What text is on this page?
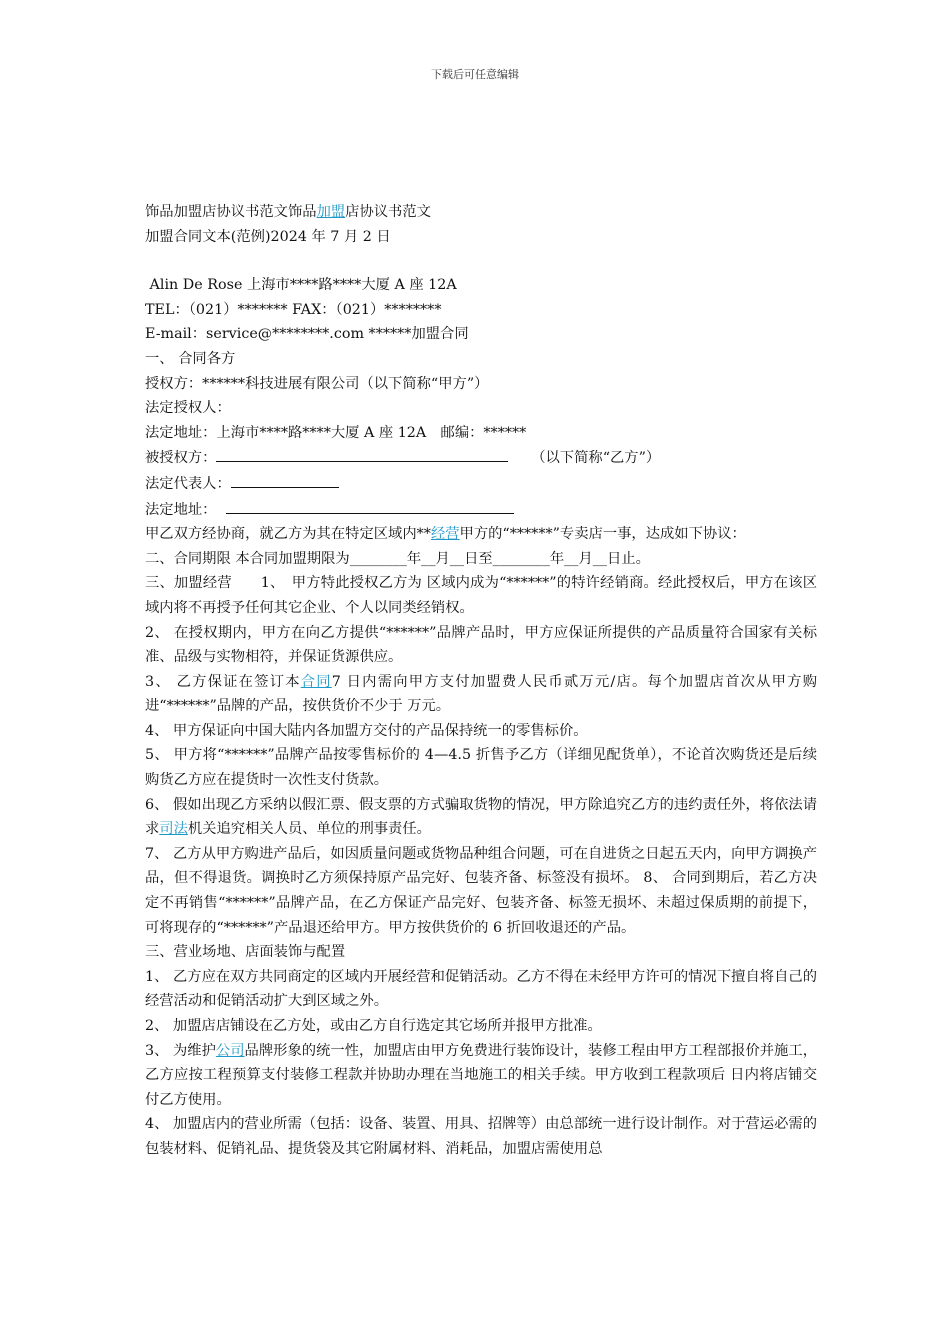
下载后可任意编辑
饰品加盟店协议书范文饰品加盟店协议书范文
加盟合同文本(范例)2024 年 7 月 2 日
Alin De Rose 上海市****路****大厦 A 座 12A
TEL：（021）******* FAX：（021）********
E-mail：service@********.com ******加盟合同
一、 合同各方
授权方：******科技进展有限公司（以下简称“甲方”）
法定授权人：
法定地址：上海市****路****大厦 A 座 12A　邮编：******
被授权方：	（以下简称“乙方”）
法定代表人：
法定地址：
甲乙双方经协商，就乙方为其在特定区域内**经营甲方的“******”专卖店一事，达成如下协议：
二、合同期限 本合同加盟期限为________年__月__日至________年__月__日止。
三、加盟经营　　1、　甲方特此授权乙方为 区域内成为“******”的特许经销商。经此授权后，甲方在该区域内将不再授予任何其它企业、个人以同类经销权。
2、 在授权期内，甲方在向乙方提供“******”品牌产品时，甲方应保证所提供的产品质量符合国家有关标准、品级与实物相符，并保证货源供应。
3、 乙方保证在签订本合同7 日内需向甲方支付加盟费人民币贰万元/店。每个加盟店首次从甲方购进“******”品牌的产品，按供货价不少于 万元。
4、 甲方保证向中国大陆内各加盟方交付的产品保持统一的零售标价。
5、 甲方将“******”品牌产品按零售标价的 4—4.5 折售予乙方（详细见配货单），不论首次购货还是后续购货乙方应在提货时一次性支付货款。
6、 假如出现乙方采纳以假汇票、假支票的方式骗取货物的情况，甲方除追究乙方的违约责任外，将依法请求司法机关追究相关人员、单位的刑事责任。
7、 乙方从甲方购进产品后，如因质量问题或货物品种组合问题，可在自进货之日起五天内，向甲方调换产品，但不得退货。调换时乙方须保持原产品完好、包装齐备、标签没有损坏。 8、 合同到期后，若乙方决定不再销售“******”品牌产品，在乙方保证产品完好、包装齐备、标签无损坏、未超过保质期的前提下，可将现存的“******”产品退还给甲方。甲方按供货价的 6 折回收退还的产品。
三、营业场地、店面装饰与配置
1、 乙方应在双方共同商定的区域内开展经营和促销活动。乙方不得在未经甲方许可的情况下擅自将自己的经营活动和促销活动扩大到区域之外。
2、 加盟店店铺设在乙方处，或由乙方自行选定其它场所并报甲方批准。
3、 为维护公司品牌形象的统一性，加盟店由甲方免费进行装饰设计，装修工程由甲方工程部报价并施工，乙方应按工程预算支付装修工程款并协助办理在当地施工的相关手续。甲方收到工程款项后 日内将店铺交付乙方使用。
4、 加盟店内的营业所需（包括：设备、装置、用具、招牌等）由总部统一进行设计制作。对于营运必需的包装材料、促销礼品、提货袋及其它附属材料、消耗品，加盟店需使用总
